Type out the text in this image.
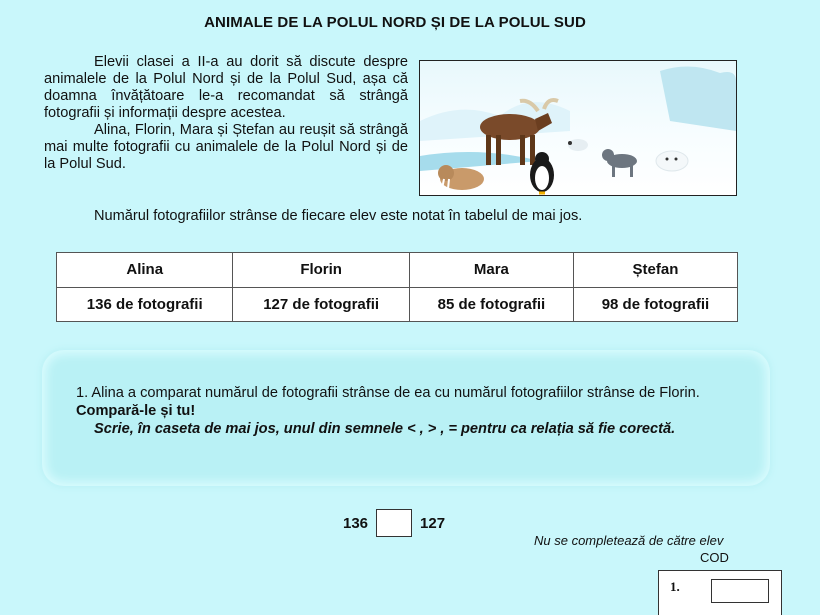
ANIMALE DE LA POLUL NORD ȘI DE LA POLUL SUD

Elevii clasei a II-a au dorit să discute despre animalele de la Polul Nord și de la Polul Sud, așa că doamna învățătoare le-a recomandat să strângă fotografii și informații despre acestea.

Alina, Florin, Mara și Ștefan au reușit să strângă mai multe fotografii cu animalele de la Polul Nord și de la Polul Sud.

Numărul fotografiilor strânse de fiecare elev este notat în tabelul de mai jos.
Alina	Florin	Mara	Ștefan
136 de fotografii	127 de fotografii	85 de fotografii	98 de fotografii
1. Alina a comparat numărul de fotografii strânse de ea cu numărul fotografiilor strânse de Florin. Compară-le și tu!
Scrie, în caseta de mai jos, unul din semnele < , > , = pentru ca relația să fie corectă.
136	127
Nu se completează de către elev
COD
1.
